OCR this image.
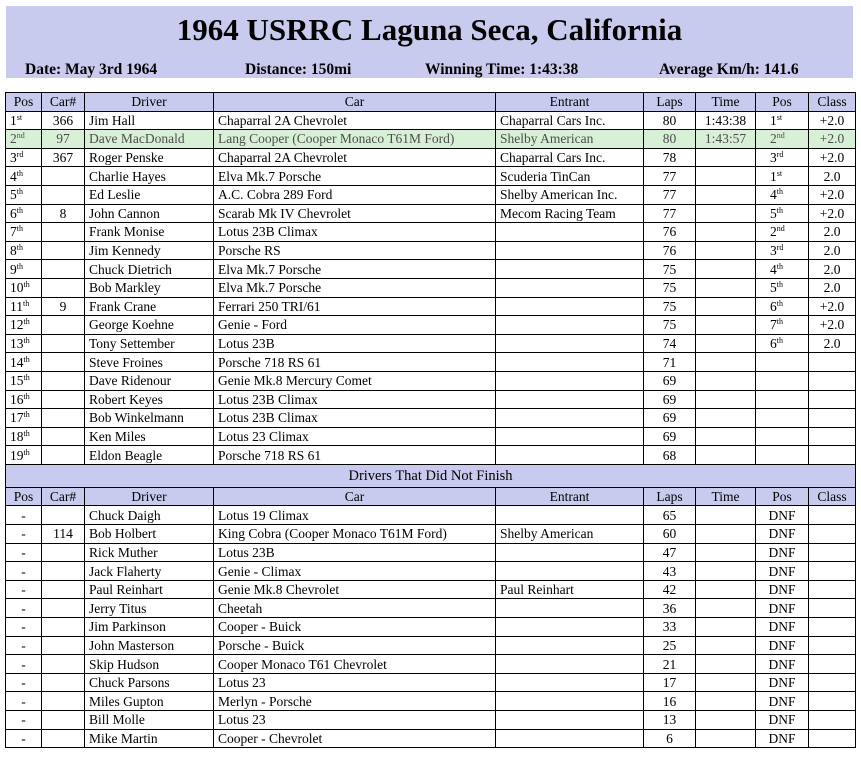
1964 USRRC Laguna Seca, California
Date: May 3rd 1964	Distance: 150mi	Winning Time: 1:43:38	Average Km/h: 141.6
Pos	Car#	Driver	Car	Entrant	Laps	Time	Pos	Class
1st	366	Jim Hall	Chaparral 2A Chevrolet	Chaparral Cars Inc.	80	1:43:38	1st	+2.0
2nd	97	Dave MacDonald	Lang Cooper (Cooper Monaco T61M Ford)	Shelby American	80	1:43:57	2nd	+2.0
3rd	367	Roger Penske	Chaparral 2A Chevrolet	Chaparral Cars Inc.	78		3rd	+2.0
4th		Charlie Hayes	Elva Mk.7 Porsche	Scuderia TinCan	77		1st	2.0
5th		Ed Leslie	A.C. Cobra 289 Ford	Shelby American Inc.	77		4th	+2.0
6th	8	John Cannon	Scarab Mk IV Chevrolet	Mecom Racing Team	77		5th	+2.0
7th		Frank Monise	Lotus 23B Climax		76		2nd	2.0
8th		Jim Kennedy	Porsche RS		76		3rd	2.0
9th		Chuck Dietrich	Elva Mk.7 Porsche		75		4th	2.0
10th		Bob Markley	Elva Mk.7 Porsche		75		5th	2.0
11th	9	Frank Crane	Ferrari 250 TRI/61		75		6th	+2.0
12th		George Koehne	Genie - Ford		75		7th	+2.0
13th		Tony Settember	Lotus 23B		74		6th	2.0
14th		Steve Froines	Porsche 718 RS 61		71			
15th		Dave Ridenour	Genie Mk.8 Mercury Comet		69			
16th		Robert Keyes	Lotus 23B Climax		69			
17th		Bob Winkelmann	Lotus 23B Climax		69			
18th		Ken Miles	Lotus 23 Climax		69			
19th		Eldon Beagle	Porsche 718 RS 61		68			
Drivers That Did Not Finish								
Pos	Car#	Driver	Car	Entrant	Laps	Time	Pos	Class
-		Chuck Daigh	Lotus 19 Climax		65		DNF	
-	114	Bob Holbert	King Cobra (Cooper Monaco T61M Ford)	Shelby American	60		DNF	
-		Rick Muther	Lotus 23B		47		DNF	
-		Jack Flaherty	Genie - Climax		43		DNF	
-		Paul Reinhart	Genie Mk.8 Chevrolet	Paul Reinhart	42		DNF	
-		Jerry Titus	Cheetah		36		DNF	
-		Jim Parkinson	Cooper - Buick		33		DNF	
-		John Masterson	Porsche - Buick		25		DNF	
-		Skip Hudson	Cooper Monaco T61 Chevrolet		21		DNF	
-		Chuck Parsons	Lotus 23		17		DNF	
-		Miles Gupton	Merlyn - Porsche		16		DNF	
-		Bill Molle	Lotus 23		13		DNF	
-		Mike Martin	Cooper - Chevrolet		6		DNF	
